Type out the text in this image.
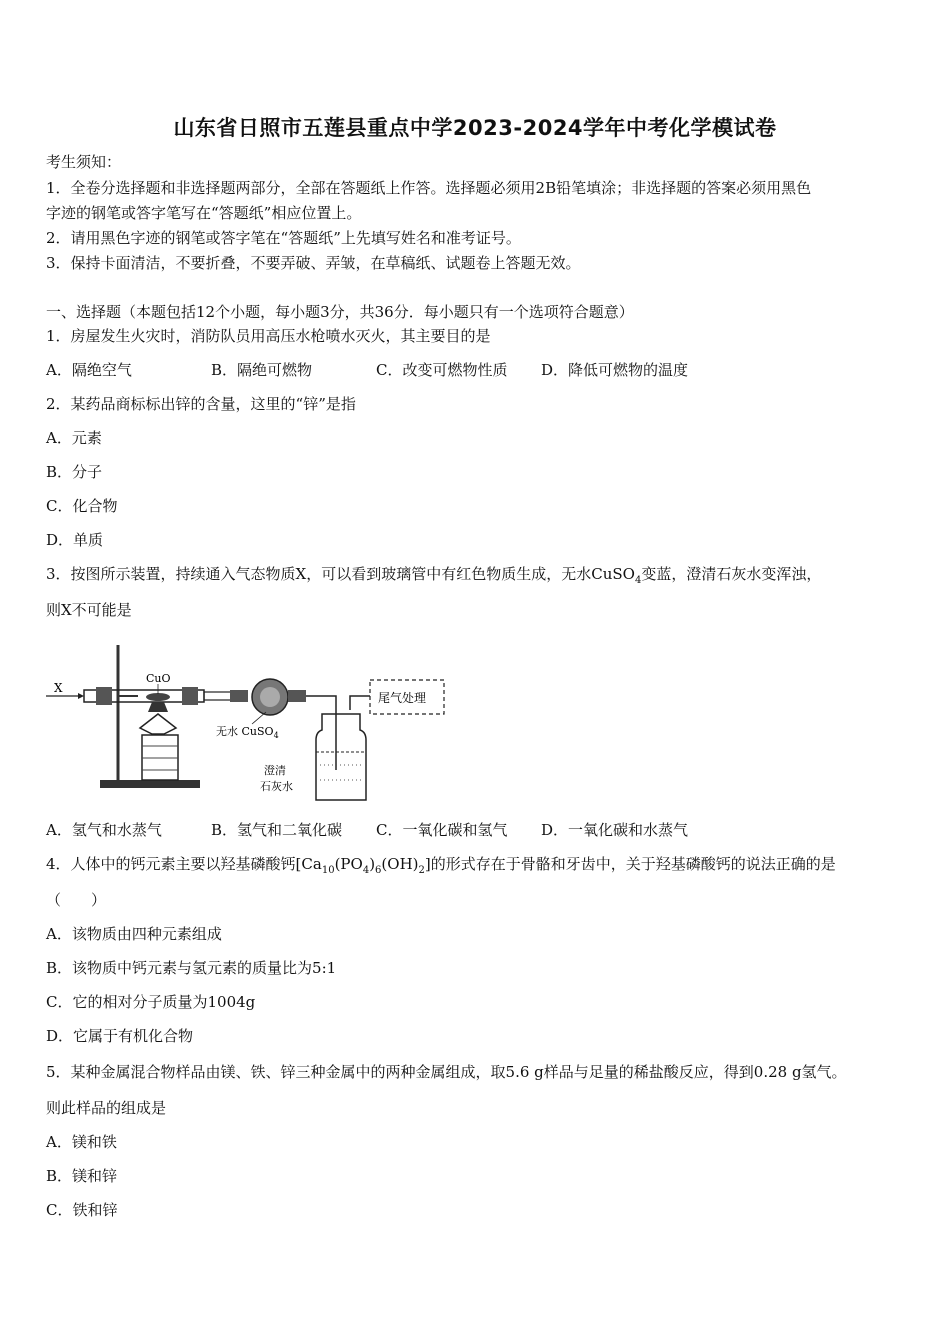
山东省日照市五莲县重点中学2023-2024学年中考化学模试卷
考生须知：
1．全卷分选择题和非选择题两部分，全部在答题纸上作答。选择题必须用2B铅笔填涂；非选择题的答案必须用黑色
字迹的钢笔或答字笔写在“答题纸”相应位置上。
2．请用黑色字迹的钢笔或答字笔在“答题纸”上先填写姓名和准考证号。
3．保持卡面清洁，不要折叠，不要弄破、弄皱，在草稿纸、试题卷上答题无效。
一、选择题（本题包括12个小题，每小题3分，共36分．每小题只有一个选项符合题意）
1．房屋发生火灾时，消防队员用高压水枪喷水灭火，其主要目的是
A．隔绝空气	B．隔绝可燃物	C．改变可燃物性质 D．降低可燃物的温度
2．某药品商标标出锌的含量，这里的“锌”是指
A．元素
B．分子
C．化合物
D．单质
3．按图所示装置，持续通入气态物质X，可以看到玻璃管中有红色物质生成，无水CuSO$_4$变蓝，澄清石灰水变浑浊，
则X不可能是
X
CuO
无水 CuSO$_4$
澄清
石灰水
尾气处理
A．氢气和水蒸气	B．氢气和二氧化碳 C．一氧化碳和氢气 D．一氧化碳和水蒸气
4．人体中的钙元素主要以羟基磷酸钙$[Ca_{10}(PO_4)_6(OH)_2]$的形式存在于骨骼和牙齿中，关于羟基磷酸钙的说法正确的是
（　　）
A．该物质由四种元素组成
B．该物质中钙元素与氢元素的质量比为5:1
C．它的相对分子质量为1004g
D．它属于有机化合物
5．某种金属混合物样品由镁、铁、锌三种金属中的两种金属组成，取5.6 g样品与足量的稀盐酸反应，得到0.28 g氢气。
则此样品的组成是
A．镁和铁
B．镁和锌
C．铁和锌
